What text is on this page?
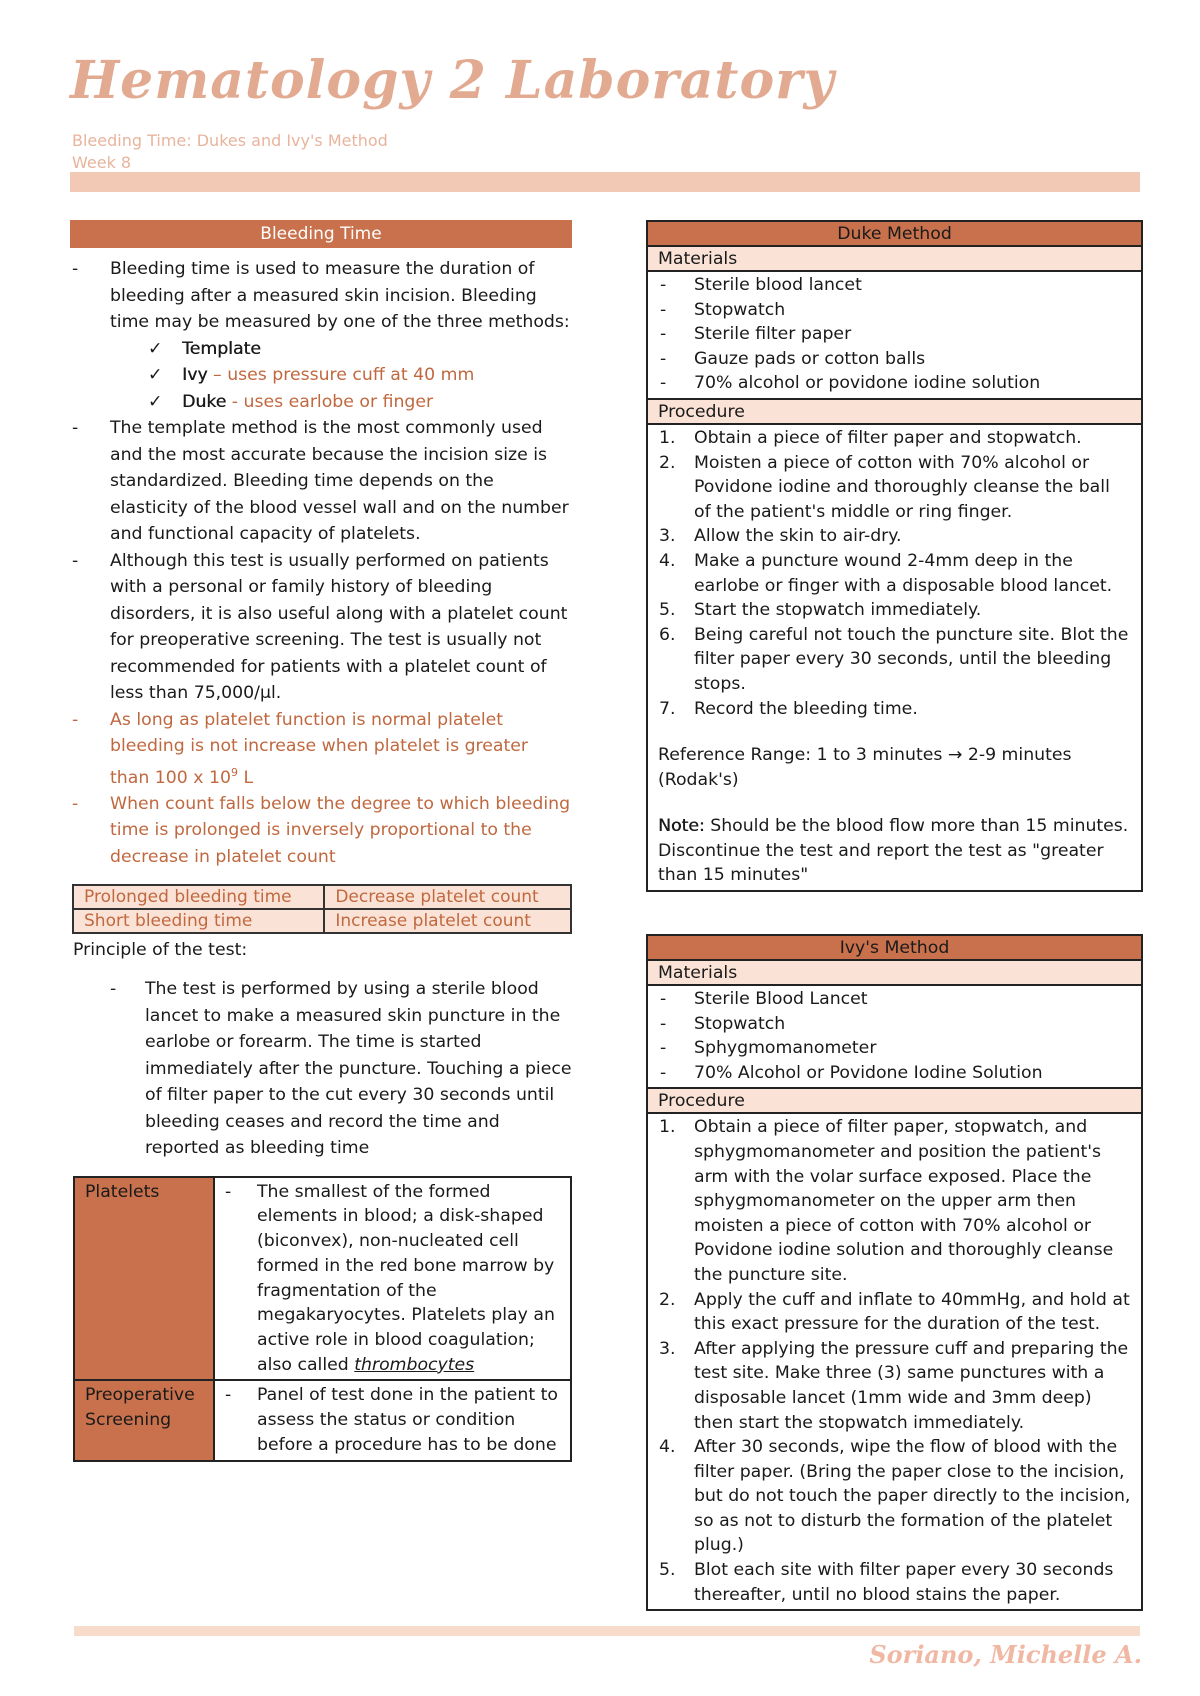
Hematology 2 Laboratory
Bleeding Time: Dukes and Ivy's Method
Week 8
Bleeding Time
- Bleeding time is used to measure the duration of bleeding after a measured skin incision. Bleeding time may be measured by one of the three methods:
✓ Template
✓ Ivy – uses pressure cuff at 40 mm
✓ Duke - uses earlobe or finger
- The template method is the most commonly used and the most accurate because the incision size is standardized. Bleeding time depends on the elasticity of the blood vessel wall and on the number and functional capacity of platelets.
- Although this test is usually performed on patients with a personal or family history of bleeding disorders, it is also useful along with a platelet count for preoperative screening. The test is usually not recommended for patients with a platelet count of less than 75,000/µl.
- As long as platelet function is normal platelet bleeding is not increase when platelet is greater than 100 x $10^9$ L
- When count falls below the degree to which bleeding time is prolonged is inversely proportional to the decrease in platelet count
Prolonged bleeding time	Decrease platelet count
Short bleeding time	Increase platelet count
Principle of the test:
- The test is performed by using a sterile blood lancet to make a measured skin puncture in the earlobe or forearm. The time is started immediately after the puncture. Touching a piece of filter paper to the cut every 30 seconds until bleeding ceases and record the time and reported as bleeding time
Platelets	- The smallest of the formed elements in blood; a disk-shaped (biconvex), non-nucleated cell formed in the red bone marrow by fragmentation of the megakaryocytes. Platelets play an active role in blood coagulation; also called thrombocytes
Preoperative Screening	- Panel of test done in the patient to assess the status or condition before a procedure has to be done
Duke Method
Materials
- Sterile blood lancet
- Stopwatch
- Sterile filter paper
- Gauze pads or cotton balls
- 70% alcohol or povidone iodine solution
Procedure
1. Obtain a piece of filter paper and stopwatch.
2. Moisten a piece of cotton with 70% alcohol or Povidone iodine and thoroughly cleanse the ball of the patient's middle or ring finger.
3. Allow the skin to air-dry.
4. Make a puncture wound 2-4mm deep in the earlobe or finger with a disposable blood lancet.
5. Start the stopwatch immediately.
6. Being careful not touch the puncture site. Blot the filter paper every 30 seconds, until the bleeding stops.
7. Record the bleeding time.
Reference Range: 1 to 3 minutes → 2-9 minutes (Rodak's)
Note: Should be the blood flow more than 15 minutes. Discontinue the test and report the test as "greater than 15 minutes"
Ivy's Method
Materials
- Sterile Blood Lancet
- Stopwatch
- Sphygmomanometer
- 70% Alcohol or Povidone Iodine Solution
Procedure
1. Obtain a piece of filter paper, stopwatch, and sphygmomanometer and position the patient's arm with the volar surface exposed. Place the sphygmomanometer on the upper arm then moisten a piece of cotton with 70% alcohol or Povidone iodine solution and thoroughly cleanse the puncture site.
2. Apply the cuff and inflate to 40mmHg, and hold at this exact pressure for the duration of the test.
3. After applying the pressure cuff and preparing the test site. Make three (3) same punctures with a disposable lancet (1mm wide and 3mm deep) then start the stopwatch immediately.
4. After 30 seconds, wipe the flow of blood with the filter paper. (Bring the paper close to the incision, but do not touch the paper directly to the incision, so as not to disturb the formation of the platelet plug.)
5. Blot each site with filter paper every 30 seconds thereafter, until no blood stains the paper.
Soriano, Michelle A.
